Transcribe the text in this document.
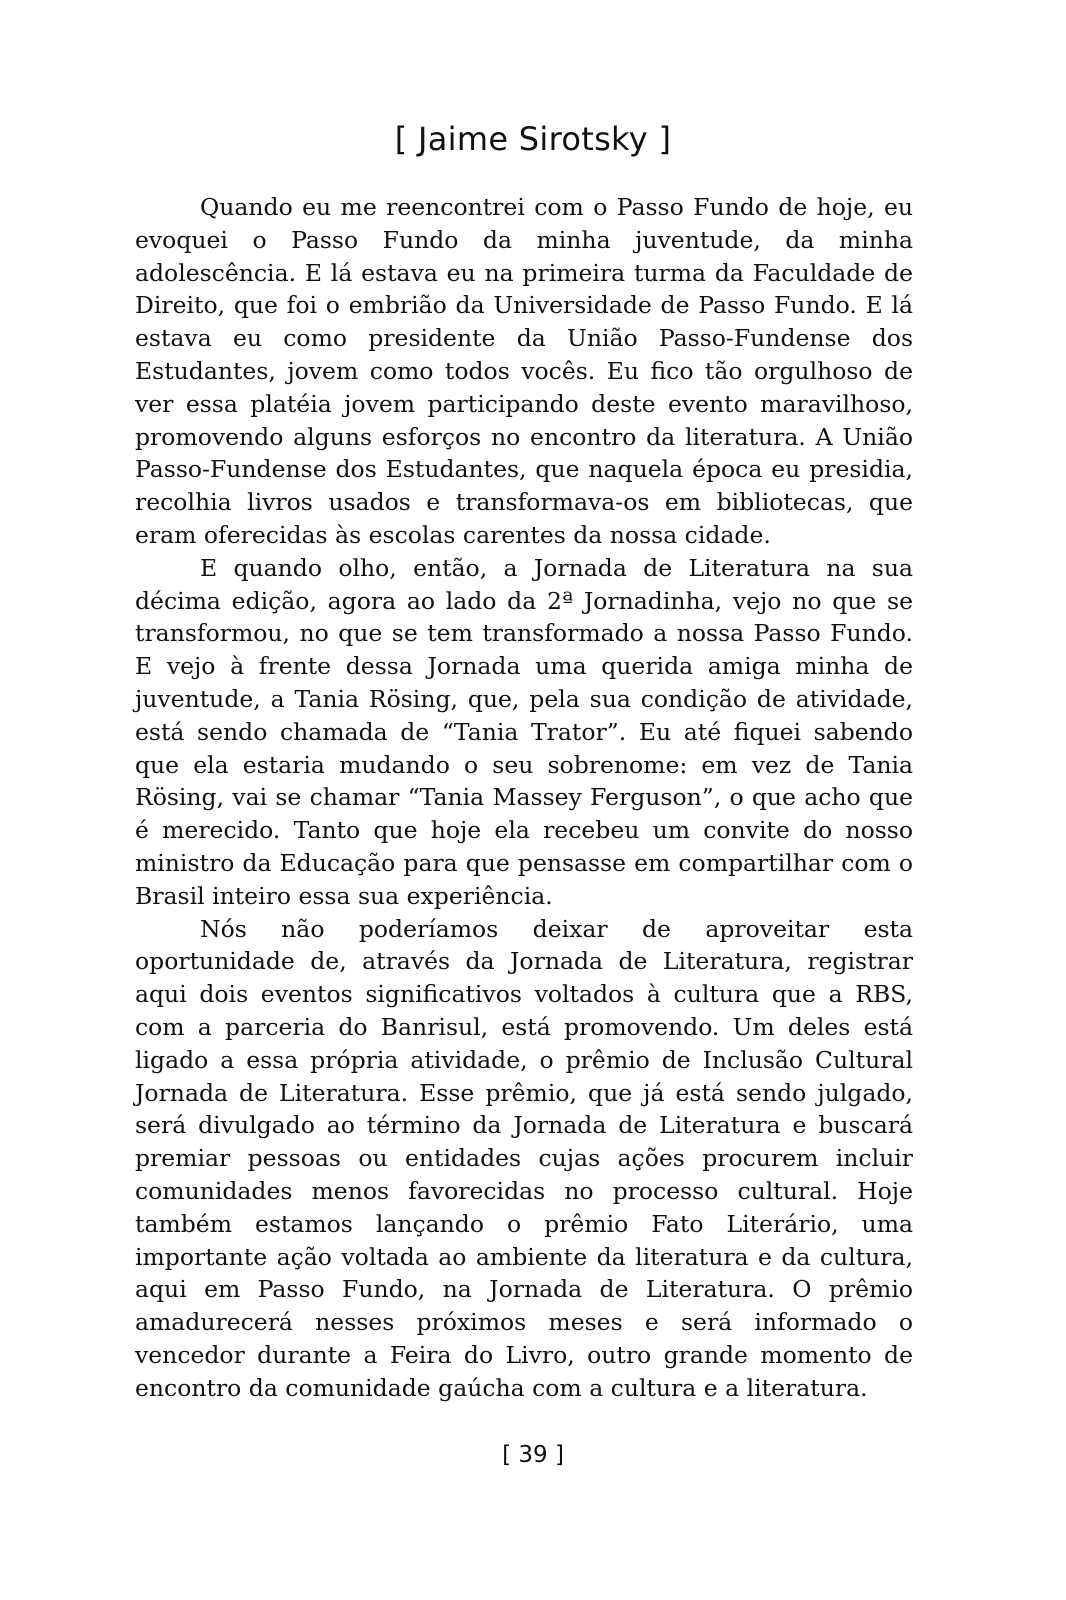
[ Jaime Sirotsky ]

Quando eu me reencontrei com o Passo Fundo de hoje, eu evoquei o Passo Fundo da minha juventude, da minha adolescência. E lá estava eu na primeira turma da Faculdade de Direito, que foi o embrião da Universidade de Passo Fundo. E lá estava eu como presidente da União Passo-Fundense dos Estudantes, jovem como todos vocês. Eu fico tão orgulhoso de ver essa platéia jovem participando deste evento maravilhoso, promovendo alguns esforços no encontro da literatura. A União Passo-Fundense dos Estudantes, que naquela época eu presidia, recolhia livros usados e transformava-os em bibliotecas, que eram oferecidas às escolas carentes da nossa cidade.

E quando olho, então, a Jornada de Literatura na sua décima edição, agora ao lado da 2ª Jornadinha, vejo no que se transformou, no que se tem transformado a nossa Passo Fundo. E vejo à frente dessa Jornada uma querida amiga minha de juventude, a Tania Rösing, que, pela sua condição de atividade, está sendo chamada de “Tania Trator”. Eu até fiquei sabendo que ela estaria mudando o seu sobrenome: em vez de Tania Rösing, vai se chamar “Tania Massey Ferguson”, o que acho que é merecido. Tanto que hoje ela recebeu um convite do nosso ministro da Educação para que pensasse em compartilhar com o Brasil inteiro essa sua experiência.

Nós não poderíamos deixar de aproveitar esta oportunidade de, através da Jornada de Literatura, registrar aqui dois eventos significativos voltados à cultura que a RBS, com a parceria do Banrisul, está promovendo. Um deles está ligado a essa própria atividade, o prêmio de Inclusão Cultural Jornada de Literatura. Esse prêmio, que já está sendo julgado, será divulgado ao término da Jornada de Literatura e buscará premiar pessoas ou entidades cujas ações procurem incluir comunidades menos favorecidas no processo cultural. Hoje também estamos lançando o prêmio Fato Literário, uma importante ação voltada ao ambiente da literatura e da cultura, aqui em Passo Fundo, na Jornada de Literatura. O prêmio amadurecerá nesses próximos meses e será informado o vencedor durante a Feira do Livro, outro grande momento de encontro da comunidade gaúcha com a cultura e a literatura.

[ 39 ]
